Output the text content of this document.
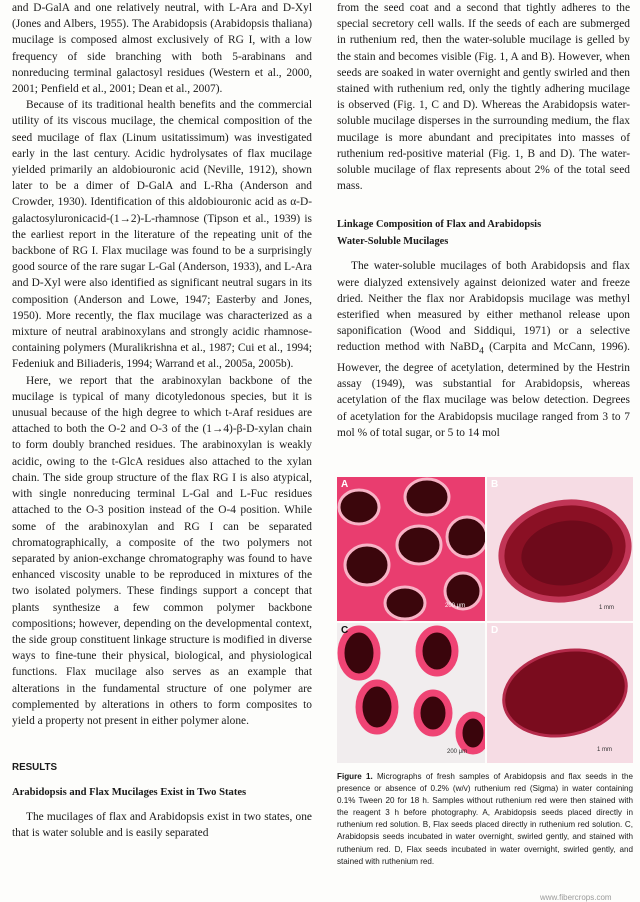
and D-GalA and one relatively neutral, with L-Ara and D-Xyl (Jones and Albers, 1955). The Arabidopsis (Arabidopsis thaliana) mucilage is composed almost exclusively of RG I, with a low frequency of side branching with both 5-arabinans and nonreducing terminal galactosyl residues (Western et al., 2000, 2001; Penfield et al., 2001; Dean et al., 2007).

Because of its traditional health benefits and the commercial utility of its viscous mucilage, the chemical composition of the seed mucilage of flax (Linum usitatissimum) was investigated early in the last century. Acidic hydrolysates of flax mucilage yielded primarily an aldobiouronic acid (Neville, 1912), shown later to be a dimer of D-GalA and L-Rha (Anderson and Crowder, 1930). Identification of this aldobiouronic acid as α-D-galactosyluronicacid-(1→2)-L-rhamnose (Tipson et al., 1939) is the earliest report in the literature of the repeating unit of the backbone of RG I. Flax mucilage was found to be a surprisingly good source of the rare sugar L-Gal (Anderson, 1933), and L-Ara and D-Xyl were also identified as significant neutral sugars in its composition (Anderson and Lowe, 1947; Easterby and Jones, 1950). More recently, the flax mucilage was characterized as a mixture of neutral arabinoxylans and strongly acidic rhamnose-containing polymers (Muralikrishna et al., 1987; Cui et al., 1994; Fedeniuk and Biliaderis, 1994; Warrand et al., 2005a, 2005b).

Here, we report that the arabinoxylan backbone of the mucilage is typical of many dicotyledonous species, but it is unusual because of the high degree to which t-Araf residues are attached to both the O-2 and O-3 of the (1→4)-β-D-xylan chain to form doubly branched residues. The arabinoxylan is weakly acidic, owing to the t-GlcA residues also attached to the xylan chain. The side group structure of the flax RG I is also atypical, with single nonreducing terminal L-Gal and L-Fuc residues attached to the O-3 position instead of the O-4 position. While some of the arabinoxylan and RG I can be separated chromatographically, a composite of the two polymers not separated by anion-exchange chromatography was found to have enhanced viscosity unable to be reproduced in mixtures of the two isolated polymers. These findings support a concept that plants synthesize a few common polymer backbone compositions; however, depending on the developmental context, the side group constituent linkage structure is modified in diverse ways to fine-tune their physical, biological, and physiological functions. Flax mucilage also serves as an example that alterations in the fundamental structure of one polymer are complemented by alterations in others to form composites to yield a property not present in either polymer alone.

RESULTS
Arabidopsis and Flax Mucilages Exist in Two States

The mucilages of flax and Arabidopsis exist in two states, one that is water soluble and is easily separated

from the seed coat and a second that tightly adheres to the special secretory cell walls. If the seeds of each are submerged in ruthenium red, then the water-soluble mucilage is gelled by the stain and becomes visible (Fig. 1, A and B). However, when seeds are soaked in water overnight and gently swirled and then stained with ruthenium red, only the tightly adhering mucilage is observed (Fig. 1, C and D). Whereas the Arabidopsis water-soluble mucilage disperses in the surrounding medium, the flax mucilage is more abundant and precipitates into masses of ruthenium red-positive material (Fig. 1, B and D). The water-soluble mucilage of flax represents about 2% of the total seed mass.

Linkage Composition of Flax and Arabidopsis
Water-Soluble Mucilages

The water-soluble mucilages of both Arabidopsis and flax were dialyzed extensively against deionized water and freeze dried. Neither the flax nor Arabidopsis mucilage was methyl esterified when measured by either methanol release upon saponification (Wood and Siddiqui, 1971) or a selective reduction method with NaBD$_4$ (Carpita and McCann, 1996). However, the degree of acetylation, determined by the Hestrin assay (1949), was substantial for Arabidopsis, whereas acetylation of the flax mucilage was below detection. Degrees of acetylation for the Arabidopsis mucilage ranged from 3 to 7 mol % of total sugar, or 5 to 14 mol

A
200 μm
B
1 mm
C
200 μm
D
1 mm

Figure 1. Micrographs of fresh samples of Arabidopsis and flax seeds in the presence or absence of 0.2% (w/v) ruthenium red (Sigma) in water containing 0.1% Tween 20 for 18 h. Samples without ruthenium red were then stained with the reagent 3 h before photography. A, Arabidopsis seeds placed directly in ruthenium red solution. B, Flax seeds placed directly in ruthenium red solution. C, Arabidopsis seeds incubated in water overnight, swirled gently, and stained with ruthenium red. D, Flax seeds incubated in water overnight, swirled gently, and stained with ruthenium red.

www.fibercrops.com
